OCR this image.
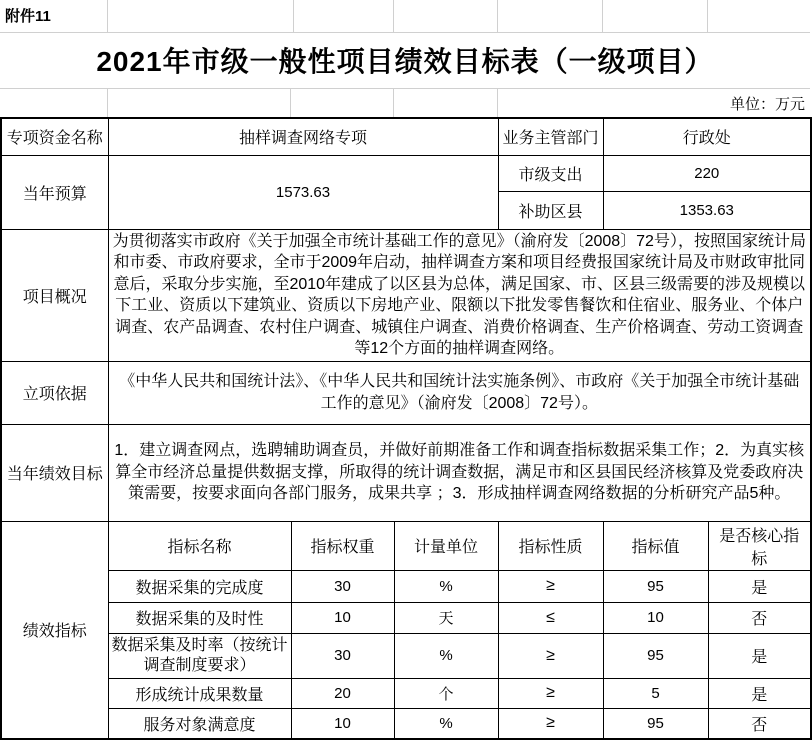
附件11
2021年市级一般性项目绩效目标表（一级项目）
单位：万元
专项资金名称	抽样调查网络专项			业务主管部门	行政处	
当年预算	1573.63			市级支出	220	
				补助区县	1353.63	
项目概况	为贯彻落实市政府《关于加强全市统计基础工作的意见》（渝府发〔2008〕72号），按照国家统计局和市委、市政府要求，全市于2009年启动，抽样调查方案和项目经费报国家统计局及市财政审批同意后，采取分步实施，至2010年建成了以区县为总体，满足国家、市、区县三级需要的涉及规模以下工业、资质以下建筑业、资质以下房地产业、限额以下批发零售餐饮和住宿业、服务业、个体户调查、农产品调查、农村住户调查、城镇住户调查、消费价格调查、生产价格调查、劳动工资调查等12个方面的抽样调查网络。					
立项依据	《中华人民共和国统计法》、《中华人民共和国统计法实施条例》、市政府《关于加强全市统计基础工作的意见》（渝府发〔2008〕72号）。					
当年绩效目标	1．建立调查网点，选聘辅助调查员，并做好前期准备工作和调查指标数据采集工作；2．为真实核算全市经济总量提供数据支撑，所取得的统计调查数据，满足市和区县国民经济核算及党委政府决策需要，按要求面向各部门服务，成果共享 ；3．形成抽样调查网络数据的分析研究产品5种。					
绩效指标	指标名称	指标权重	计量单位	指标性质	指标值	是否核心指标
	数据采集的完成度	30	%	≥	95	是
	数据采集的及时性	10	天	≤	10	否
	数据采集及时率（按统计调查制度要求）	30	%	≥	95	是
	形成统计成果数量	20	个	≥	5	是
	服务对象满意度	10	%	≥	95	否
